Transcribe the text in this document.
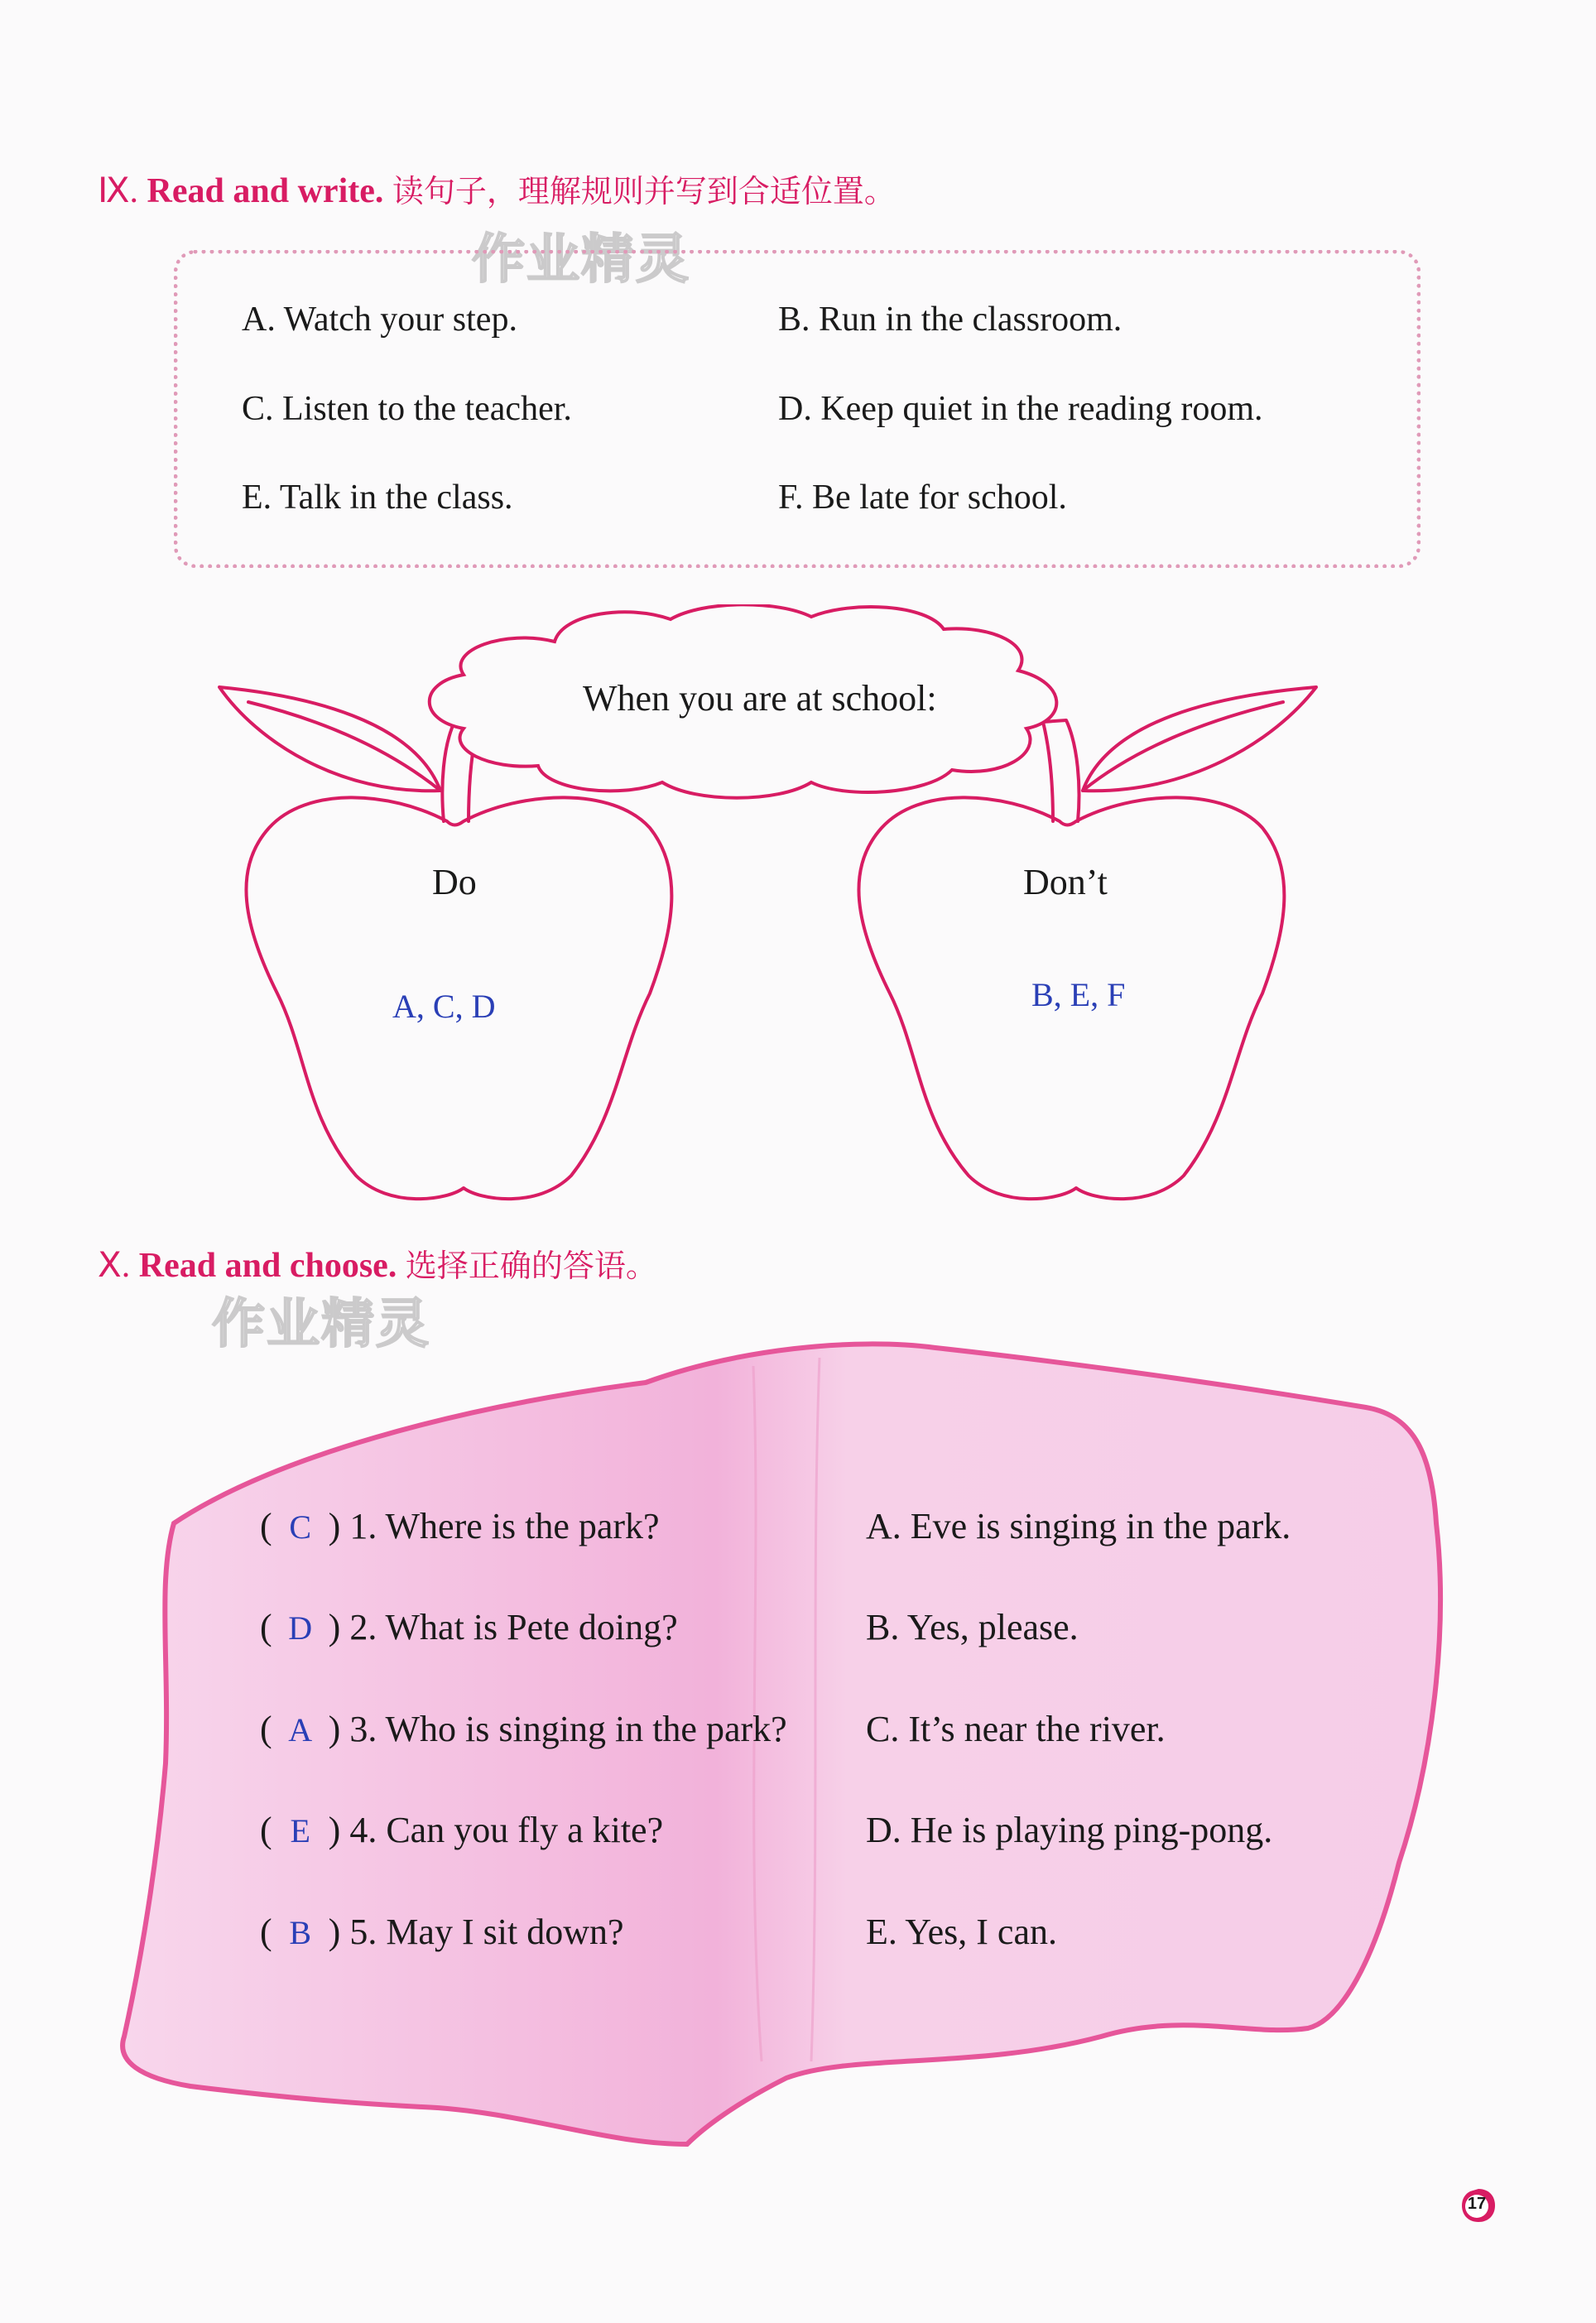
Ⅸ. Read and write. 读句子，理解规则并写到合适位置。
作业精灵
A. Watch your step.	B. Run in the classroom.
C. Listen to the teacher.	D. Keep quiet in the reading room.
E. Talk in the class.	F. Be late for school.
When you are at school:
Do	Don’t
A, C, D	B, E, F
Ⅹ. Read and choose. 选择正确的答语。
作业精灵
( C ) 1. Where is the park?
( D ) 2. What is Pete doing?
( A ) 3. Who is singing in the park?
( E ) 4. Can you fly a kite?
( B ) 5. May I sit down?
A. Eve is singing in the park.
B. Yes, please.
C. It’s near the river.
D. He is playing ping-pong.
E. Yes, I can.
17
